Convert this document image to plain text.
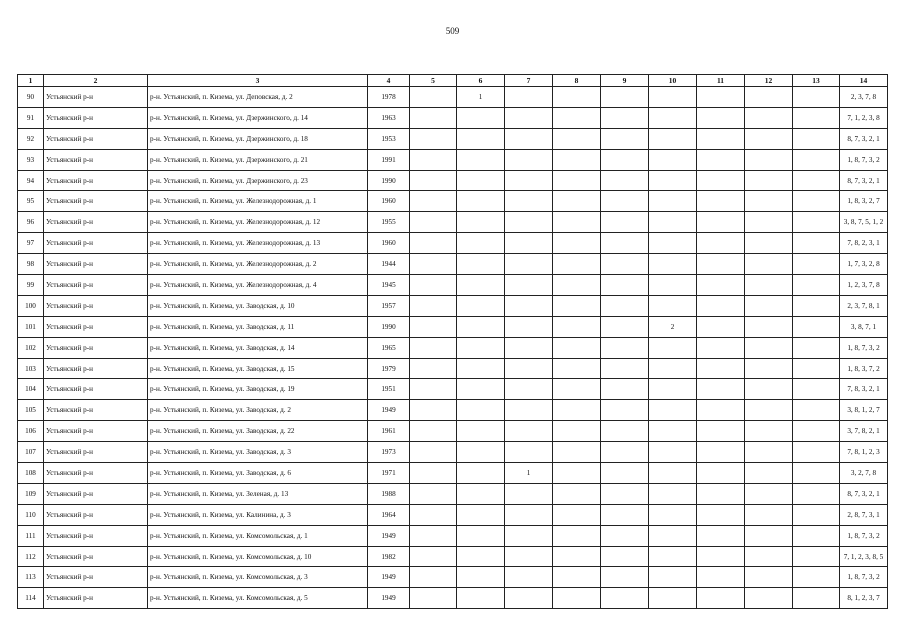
509
1	2	3	4	5	6	7	8	9	10	11	12	13	14
90	Устьянский р-н	р-н. Устьянский, п. Кизема, ул. Деповская, д. 2	1978		1								2, 3, 7, 8
91	Устьянский р-н	р-н. Устьянский, п. Кизема, ул. Дзержинского, д. 14	1963										7, 1, 2, 3, 8
92	Устьянский р-н	р-н. Устьянский, п. Кизема, ул. Дзержинского, д. 18	1953										8, 7, 3, 2, 1
93	Устьянский р-н	р-н. Устьянский, п. Кизема, ул. Дзержинского, д. 21	1991										1, 8, 7, 3, 2
94	Устьянский р-н	р-н. Устьянский, п. Кизема, ул. Дзержинского, д. 23	1990										8, 7, 3, 2, 1
95	Устьянский р-н	р-н. Устьянский, п. Кизема, ул. Железнодорожная, д. 1	1960										1, 8, 3, 2, 7
96	Устьянский р-н	р-н. Устьянский, п. Кизема, ул. Железнодорожная, д. 12	1955										3, 8, 7, 5, 1, 2
97	Устьянский р-н	р-н. Устьянский, п. Кизема, ул. Железнодорожная, д. 13	1960										7, 8, 2, 3, 1
98	Устьянский р-н	р-н. Устьянский, п. Кизема, ул. Железнодорожная, д. 2	1944										1, 7, 3, 2, 8
99	Устьянский р-н	р-н. Устьянский, п. Кизема, ул. Железнодорожная, д. 4	1945										1, 2, 3, 7, 8
100	Устьянский р-н	р-н. Устьянский, п. Кизема, ул. Заводская, д. 10	1957										2, 3, 7, 8, 1
101	Устьянский р-н	р-н. Устьянский, п. Кизема, ул. Заводская, д. 11	1990						2				3, 8, 7, 1
102	Устьянский р-н	р-н. Устьянский, п. Кизема, ул. Заводская, д. 14	1965										1, 8, 7, 3, 2
103	Устьянский р-н	р-н. Устьянский, п. Кизема, ул. Заводская, д. 15	1979										1, 8, 3, 7, 2
104	Устьянский р-н	р-н. Устьянский, п. Кизема, ул. Заводская, д. 19	1951										7, 8, 3, 2, 1
105	Устьянский р-н	р-н. Устьянский, п. Кизема, ул. Заводская, д. 2	1949										3, 8, 1, 2, 7
106	Устьянский р-н	р-н. Устьянский, п. Кизема, ул. Заводская, д. 22	1961										3, 7, 8, 2, 1
107	Устьянский р-н	р-н. Устьянский, п. Кизема, ул. Заводская, д. 3	1973										7, 8, 1, 2, 3
108	Устьянский р-н	р-н. Устьянский, п. Кизема, ул. Заводская, д. 6	1971			1							3, 2, 7, 8
109	Устьянский р-н	р-н. Устьянский, п. Кизема, ул. Зеленая, д. 13	1988										8, 7, 3, 2, 1
110	Устьянский р-н	р-н. Устьянский, п. Кизема, ул. Калинина, д. 3	1964										2, 8, 7, 3, 1
111	Устьянский р-н	р-н. Устьянский, п. Кизема, ул. Комсомольская, д. 1	1949										1, 8, 7, 3, 2
112	Устьянский р-н	р-н. Устьянский, п. Кизема, ул. Комсомольская, д. 10	1982										7, 1, 2, 3, 8, 5
113	Устьянский р-н	р-н. Устьянский, п. Кизема, ул. Комсомольская, д. 3	1949										1, 8, 7, 3, 2
114	Устьянский р-н	р-н. Устьянский, п. Кизема, ул. Комсомольская, д. 5	1949										8, 1, 2, 3, 7
